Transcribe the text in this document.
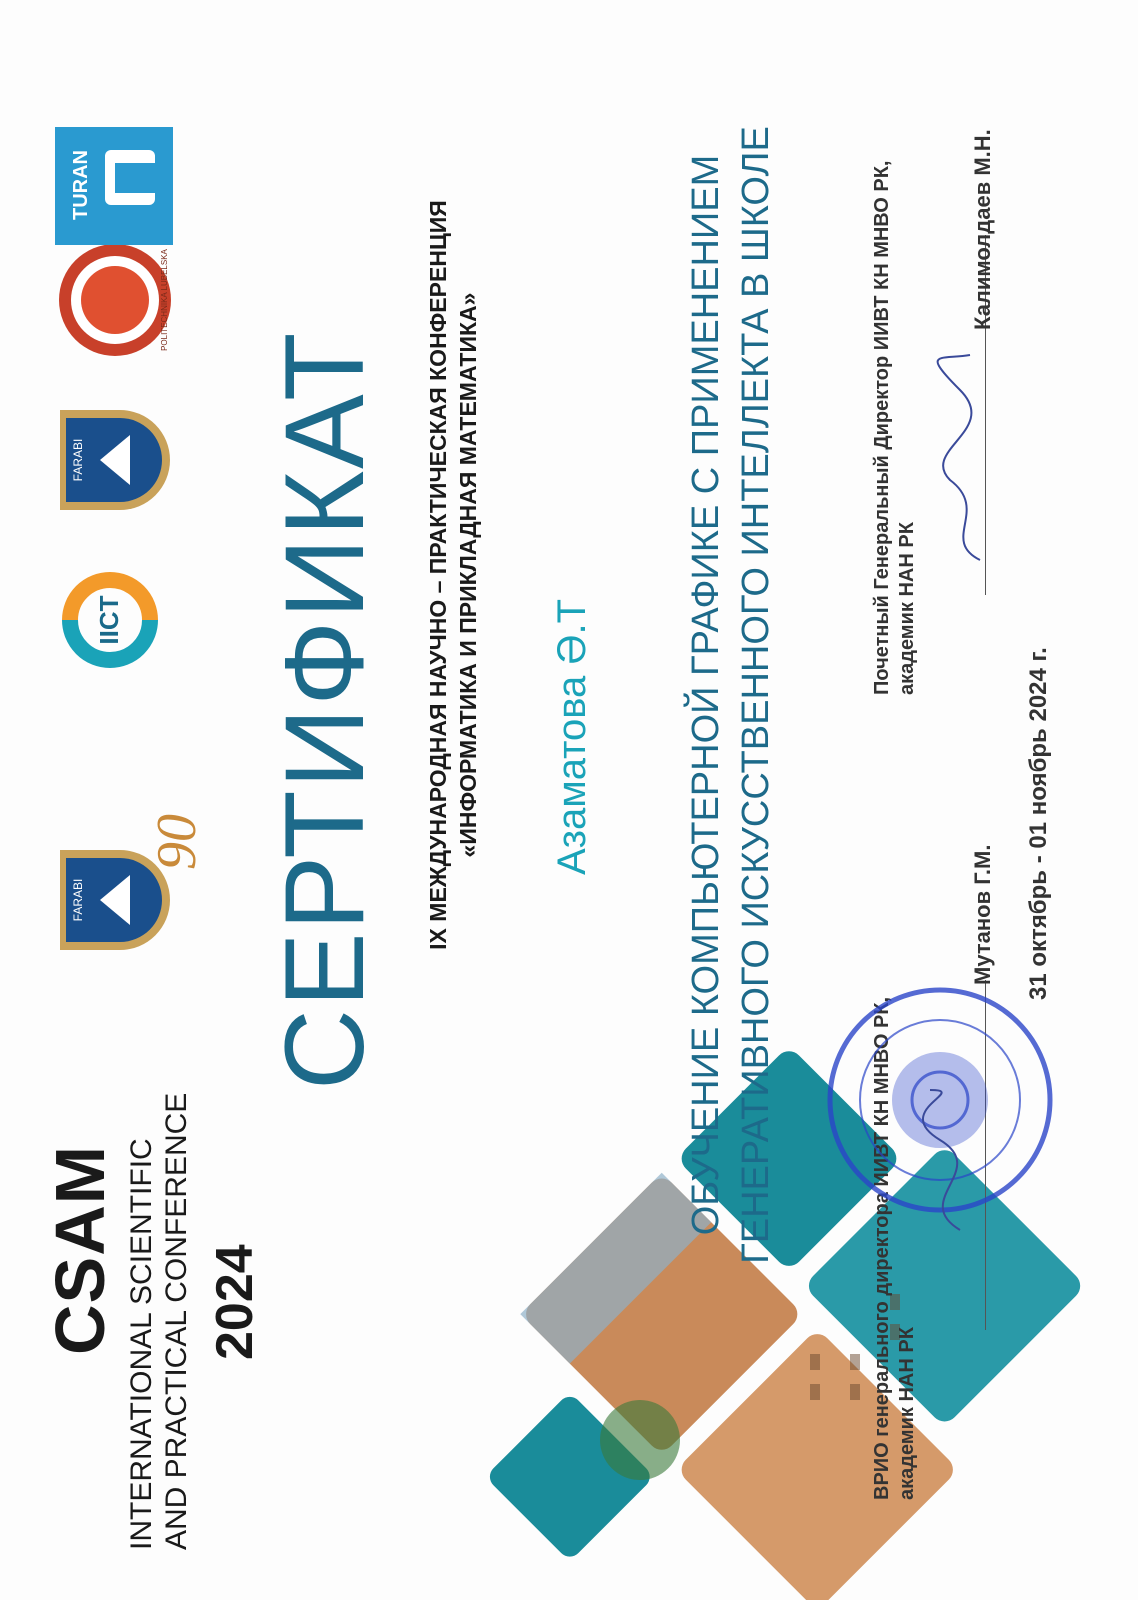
CSAM INTERNATIONAL SCIENTIFIC AND PRACTICAL CONFERENCE 2024
FARABI
90
IICT
FARABI
POLITECHNIKA LUBELSKA
TURAN
СЕРТИФИКАТ IX МЕЖДУНАРОДНАЯ НАУЧНО – ПРАКТИЧЕСКАЯ КОНФЕРЕНЦИЯ «ИНФОРМАТИКА И ПРИКЛАДНАЯ МАТЕМАТИКА» Азаматова Ә.Т ОБУЧЕНИЕ КОМПЬЮТЕРНОЙ ГРАФИКЕ С ПРИМЕНЕНИЕМ ГЕНЕРАТИВНОГО ИСКУССТВЕННОГО ИНТЕЛЛЕКТА В ШКОЛЕ	ВРИО генерального директора ИИВТ КН МНВО РК, академик НАН РК
Мутанов Г.М.
Почетный Генеральный Директор ИИВТ КН МНВО РК, академик НАН РК
Калимолдаев М.Н.
31 октябрь - 01 ноябрь 2024 г.
